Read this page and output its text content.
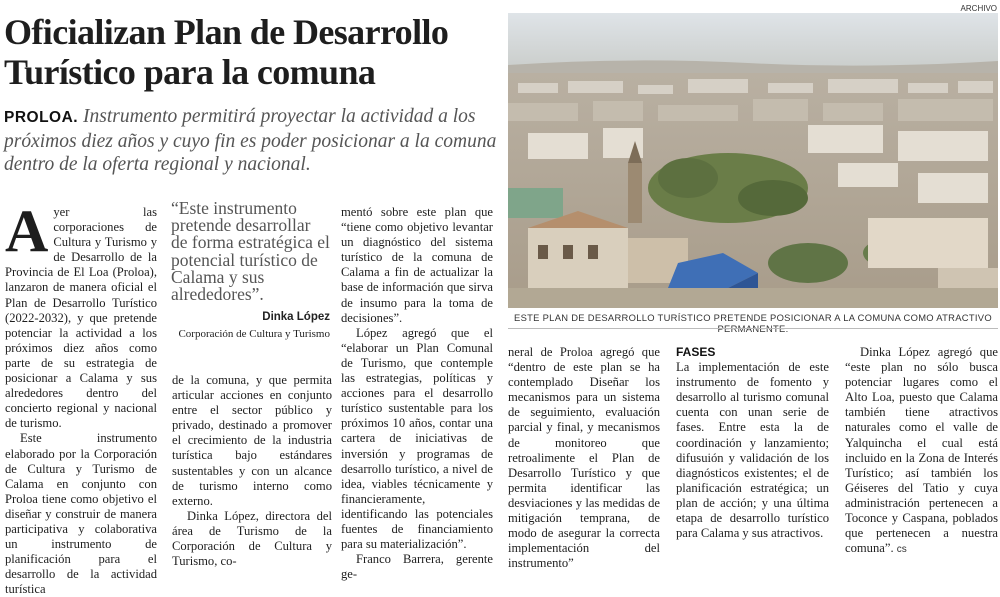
Oficializan Plan de Desarrollo Turístico para la comuna

PROLOA. Instrumento permitirá proyectar la actividad a los próximos diez años y cuyo fin es poder posicionar a la comuna dentro de la oferta regional y nacional.

Ayer las corporaciones de Cultura y Turismo y de Desarrollo de la Provincia de El Loa (Proloa), lanzaron de manera oficial el Plan de Desarrollo Turístico (2022-2032), y que pretende potenciar la actividad a los próximos diez años como parte de su estrategia de posicionar a Calama y sus alrededores dentro del concierto regional y nacional de turismo.

Este instrumento elaborado por la Corporación de Cultura y Turismo de Calama en conjunto con Proloa tiene como objetivo el diseñar y construir de manera participativa y colaborativa un instrumento de planificación para el desarrollo de la actividad turística

“Este instrumento pretende desarrollar de forma estratégica el potencial turístico de Calama y sus alrededores”.
Dinka López
Corporación de Cultura y Turismo

de la comuna, y que permita articular acciones en conjunto entre el sector público y privado, destinado a promover el crecimiento de la industria turística bajo estándares sustentables y con un alcance de turismo interno como externo.

Dinka López, directora del área de Turismo de la Corporación de Cultura y Turismo, co-

mentó sobre este plan que “tiene como objetivo levantar un diagnóstico del sistema turístico de la comuna de Calama a fin de actualizar la base de información que sirva de insumo para la toma de decisiones”.

López agregó que el “elaborar un Plan Comunal de Turismo, que contemple las estrategias, políticas y acciones para el desarrollo turístico sustentable para los próximos 10 años, contar una cartera de iniciativas de inversión y programas de desarrollo turístico, a nivel de idea, viables técnicamente y financieramente, identificando las potenciales fuentes de financiamiento para su materialización”.

Franco Barrera, gerente ge-

ARCHIVO

ESTE PLAN DE DESARROLLO TURÍSTICO PRETENDE POSICIONAR A LA COMUNA COMO ATRACTIVO

neral de Proloa agregó que “dentro de este plan se ha contemplado Diseñar los mecanismos para un sistema de seguimiento, evaluación parcial y final, y mecanismos de monitoreo que retroalimente el Plan de Desarrollo Turístico y que permita identificar las desviaciones y las medidas de mitigación temprana, de modo de asegurar la correcta implementación del instrumento”

FASES

La implementación de este instrumento de fomento y desarrollo al turismo comunal cuenta con unan serie de fases. Entre esta la de coordinación y lanzamiento; difusuión y validación de los diagnósticos existentes; el de planificación estratégica; un plan de acción; y una última etapa de desarrollo turístico para Calama y sus atractivos.

Dinka López agregó que “este plan no sólo busca potenciar lugares como el Alto Loa, puesto que Calama también tiene atractivos naturales como el valle de Yalquincha el cual está incluido en la Zona de Interés Turístico; así también los Géiseres del Tatio y cuya administración pertenecen a Toconce y Caspana, poblados que pertenecen a nuestra comuna”. cs
